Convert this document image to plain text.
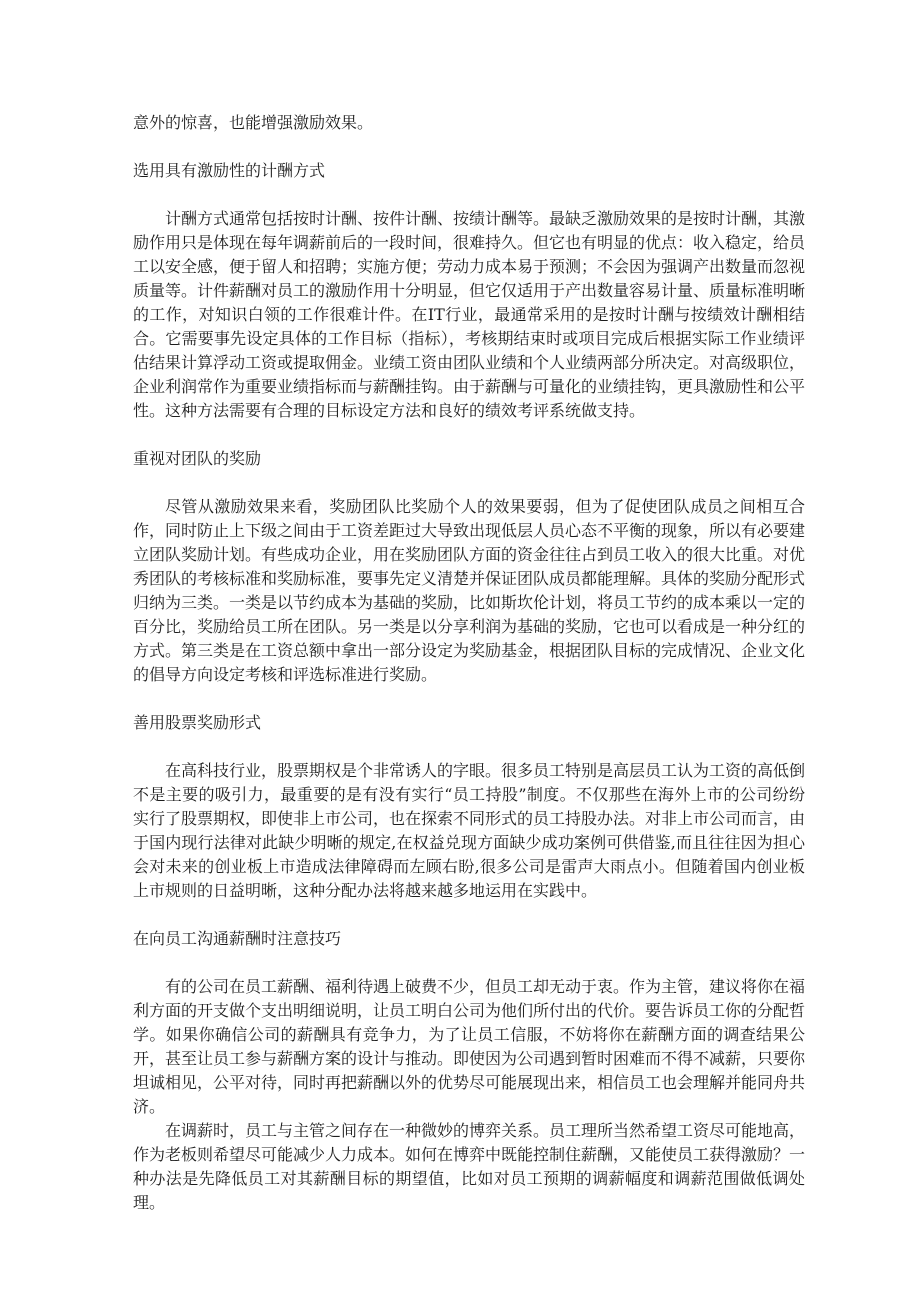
意外的惊喜，也能增强激励效果。

选用具有激励性的计酬方式

计酬方式通常包括按时计酬、按件计酬、按绩计酬等。最缺乏激励效果的是按时计酬，其激励作用只是体现在每年调薪前后的一段时间，很难持久。但它也有明显的优点：收入稳定，给员工以安全感，便于留人和招聘；实施方便；劳动力成本易于预测；不会因为强调产出数量而忽视质量等。计件薪酬对员工的激励作用十分明显，但它仅适用于产出数量容易计量、质量标准明晰的工作，对知识白领的工作很难计件。在IT行业，最通常采用的是按时计酬与按绩效计酬相结合。它需要事先设定具体的工作目标（指标），考核期结束时或项目完成后根据实际工作业绩评估结果计算浮动工资或提取佣金。业绩工资由团队业绩和个人业绩两部分所决定。对高级职位，企业利润常作为重要业绩指标而与薪酬挂钩。由于薪酬与可量化的业绩挂钩，更具激励性和公平性。这种方法需要有合理的目标设定方法和良好的绩效考评系统做支持。

重视对团队的奖励

尽管从激励效果来看，奖励团队比奖励个人的效果要弱，但为了促使团队成员之间相互合作，同时防止上下级之间由于工资差距过大导致出现低层人员心态不平衡的现象，所以有必要建立团队奖励计划。有些成功企业，用在奖励团队方面的资金往往占到员工收入的很大比重。对优秀团队的考核标准和奖励标准，要事先定义清楚并保证团队成员都能理解。具体的奖励分配形式归纳为三类。一类是以节约成本为基础的奖励，比如斯坎伦计划，将员工节约的成本乘以一定的百分比，奖励给员工所在团队。另一类是以分享利润为基础的奖励，它也可以看成是一种分红的方式。第三类是在工资总额中拿出一部分设定为奖励基金，根据团队目标的完成情况、企业文化的倡导方向设定考核和评选标准进行奖励。

善用股票奖励形式

在高科技行业，股票期权是个非常诱人的字眼。很多员工特别是高层员工认为工资的高低倒不是主要的吸引力，最重要的是有没有实行“员工持股”制度。不仅那些在海外上市的公司纷纷实行了股票期权，即使非上市公司，也在探索不同形式的员工持股办法。对非上市公司而言，由于国内现行法律对此缺少明晰的规定,在权益兑现方面缺少成功案例可供借鉴,而且往往因为担心会对未来的创业板上市造成法律障碍而左顾右盼,很多公司是雷声大雨点小。但随着国内创业板上市规则的日益明晰，这种分配办法将越来越多地运用在实践中。

在向员工沟通薪酬时注意技巧

有的公司在员工薪酬、福利待遇上破费不少，但员工却无动于衷。作为主管，建议将你在福利方面的开支做个支出明细说明，让员工明白公司为他们所付出的代价。要告诉员工你的分配哲学。如果你确信公司的薪酬具有竞争力，为了让员工信服，不妨将你在薪酬方面的调查结果公开，甚至让员工参与薪酬方案的设计与推动。即使因为公司遇到暂时困难而不得不减薪，只要你坦诚相见，公平对待，同时再把薪酬以外的优势尽可能展现出来，相信员工也会理解并能同舟共济。

在调薪时，员工与主管之间存在一种微妙的博弈关系。员工理所当然希望工资尽可能地高，作为老板则希望尽可能减少人力成本。如何在博弈中既能控制住薪酬，又能使员工获得激励？一种办法是先降低员工对其薪酬目标的期望值，比如对员工预期的调薪幅度和调薪范围做低调处理。
